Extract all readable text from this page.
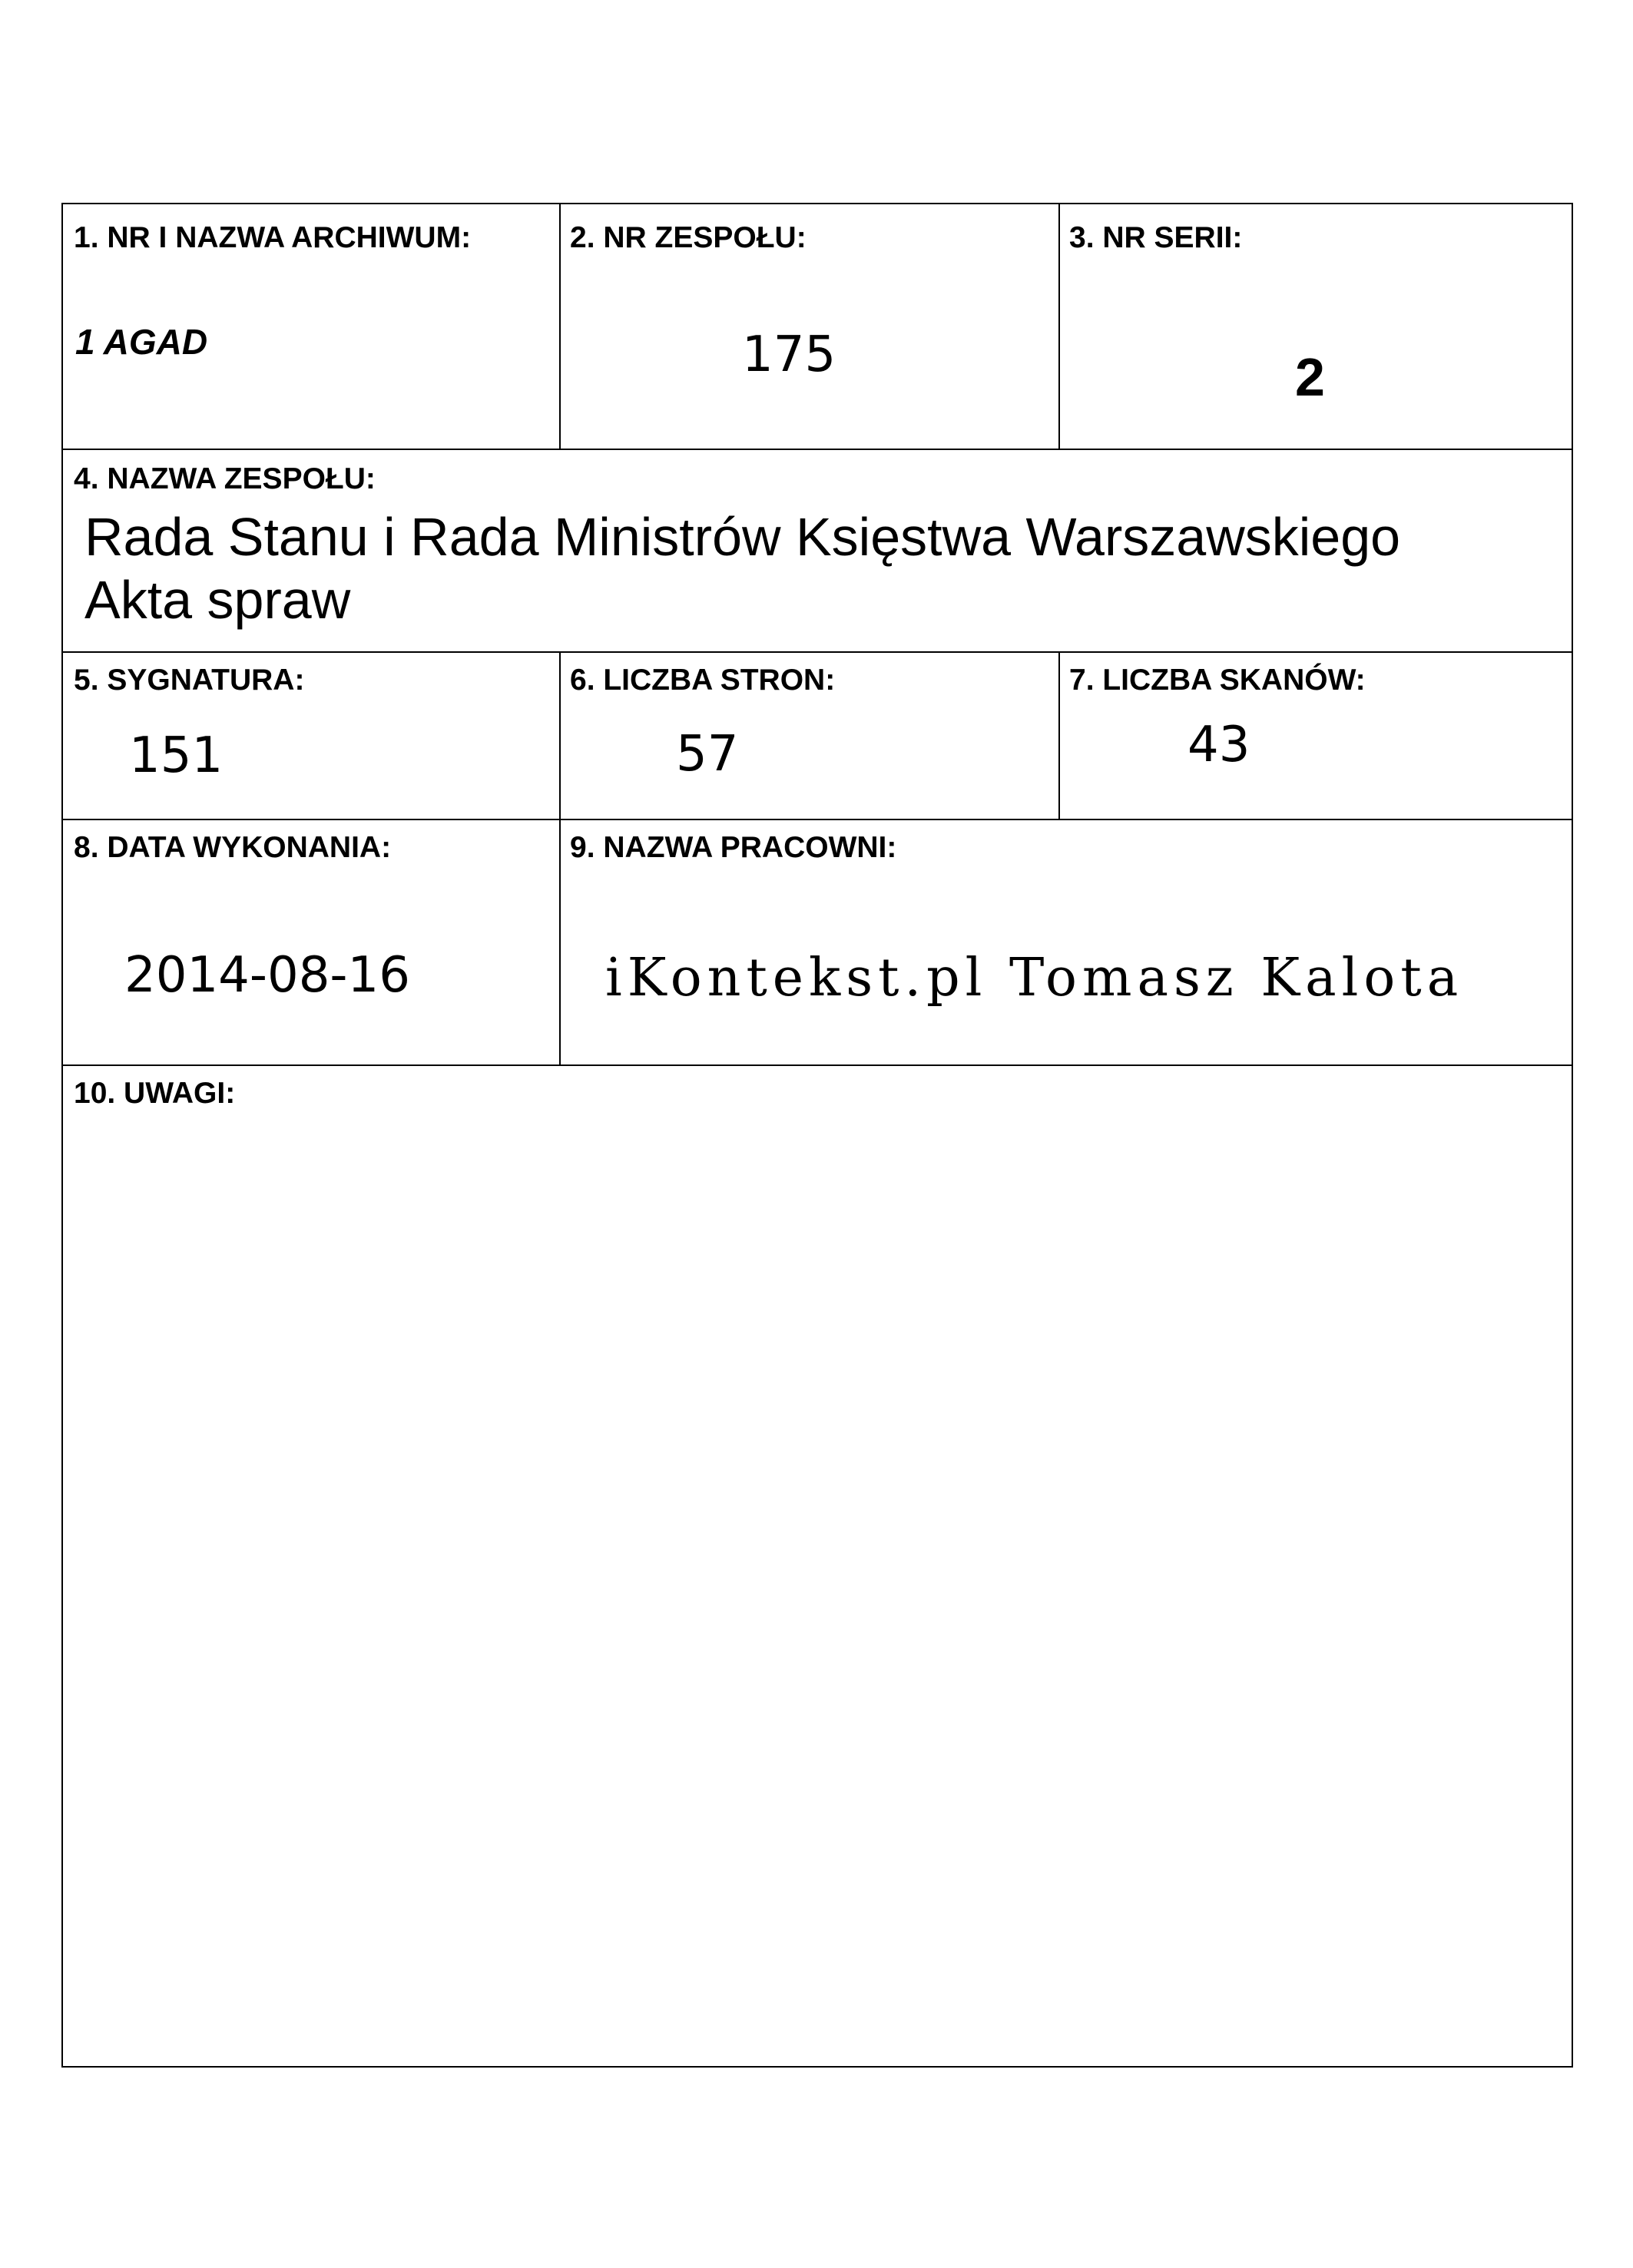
1. NR I NAZWA ARCHIWUM:
1 AGAD
2. NR ZESPOŁU:
175
3. NR SERII:
2
4. NAZWA ZESPOŁU:
Rada Stanu i Rada Ministrów Księstwa Warszawskiego
Akta spraw
5. SYGNATURA:
151
6. LICZBA STRON:
57
7. LICZBA SKANÓW:
43
8. DATA WYKONANIA:
2014-08-16
9. NAZWA PRACOWNI:
iKontekst.pl Tomasz Kalota
10. UWAGI:
